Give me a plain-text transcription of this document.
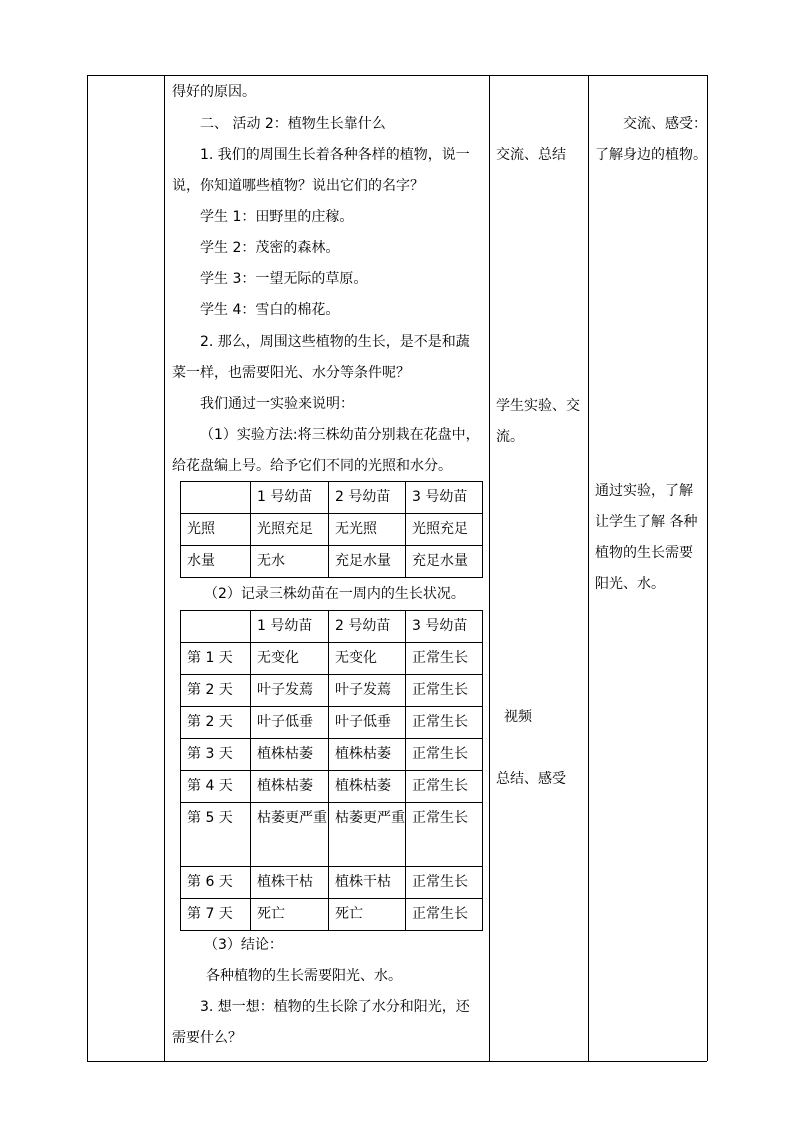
得好的原因。
二、 活动 2：植物生长靠什么
1. 我们的周围生长着各种各样的植物，说一
说，你知道哪些植物？说出它们的名字？
学生 1：田野里的庄稼。
学生 2：茂密的森林。
学生 3：一望无际的草原。
学生 4：雪白的棉花。
2. 那么，周围这些植物的生长，是不是和蔬
菜一样，也需要阳光、水分等条件呢？
我们通过一实验来说明：
（1）实验方法:将三株幼苗分别栽在花盘中，
给花盘编上号。给予它们不同的光照和水分。
	1 号幼苗	2 号幼苗	3 号幼苗
光照	光照充足	无光照	光照充足
水量	无水	充足水量	充足水量
（2）记录三株幼苗在一周内的生长状况。
	1 号幼苗	2 号幼苗	3 号幼苗
第 1 天	无变化	无变化	正常生长
第 2 天	叶子发蔫	叶子发蔫	正常生长
第 2 天	叶子低垂	叶子低垂	正常生长
第 3 天	植株枯萎	植株枯萎	正常生长
第 4 天	植株枯萎	植株枯萎	正常生长
第 5 天	枯萎更严重	枯萎更严重	正常生长
第 6 天	植株干枯	植株干枯	正常生长
第 7 天	死亡	死亡	正常生长
（3）结论：
各种植物的生长需要阳光、水。
3. 想一想：植物的生长除了水分和阳光，还
需要什么？
交流、总结
学生实验、交
流。
视频
总结、感受
交流、感受：
了解身边的植物。
通过实验，了解
让学生了解 各种
植物的生长需要
阳光、水。
